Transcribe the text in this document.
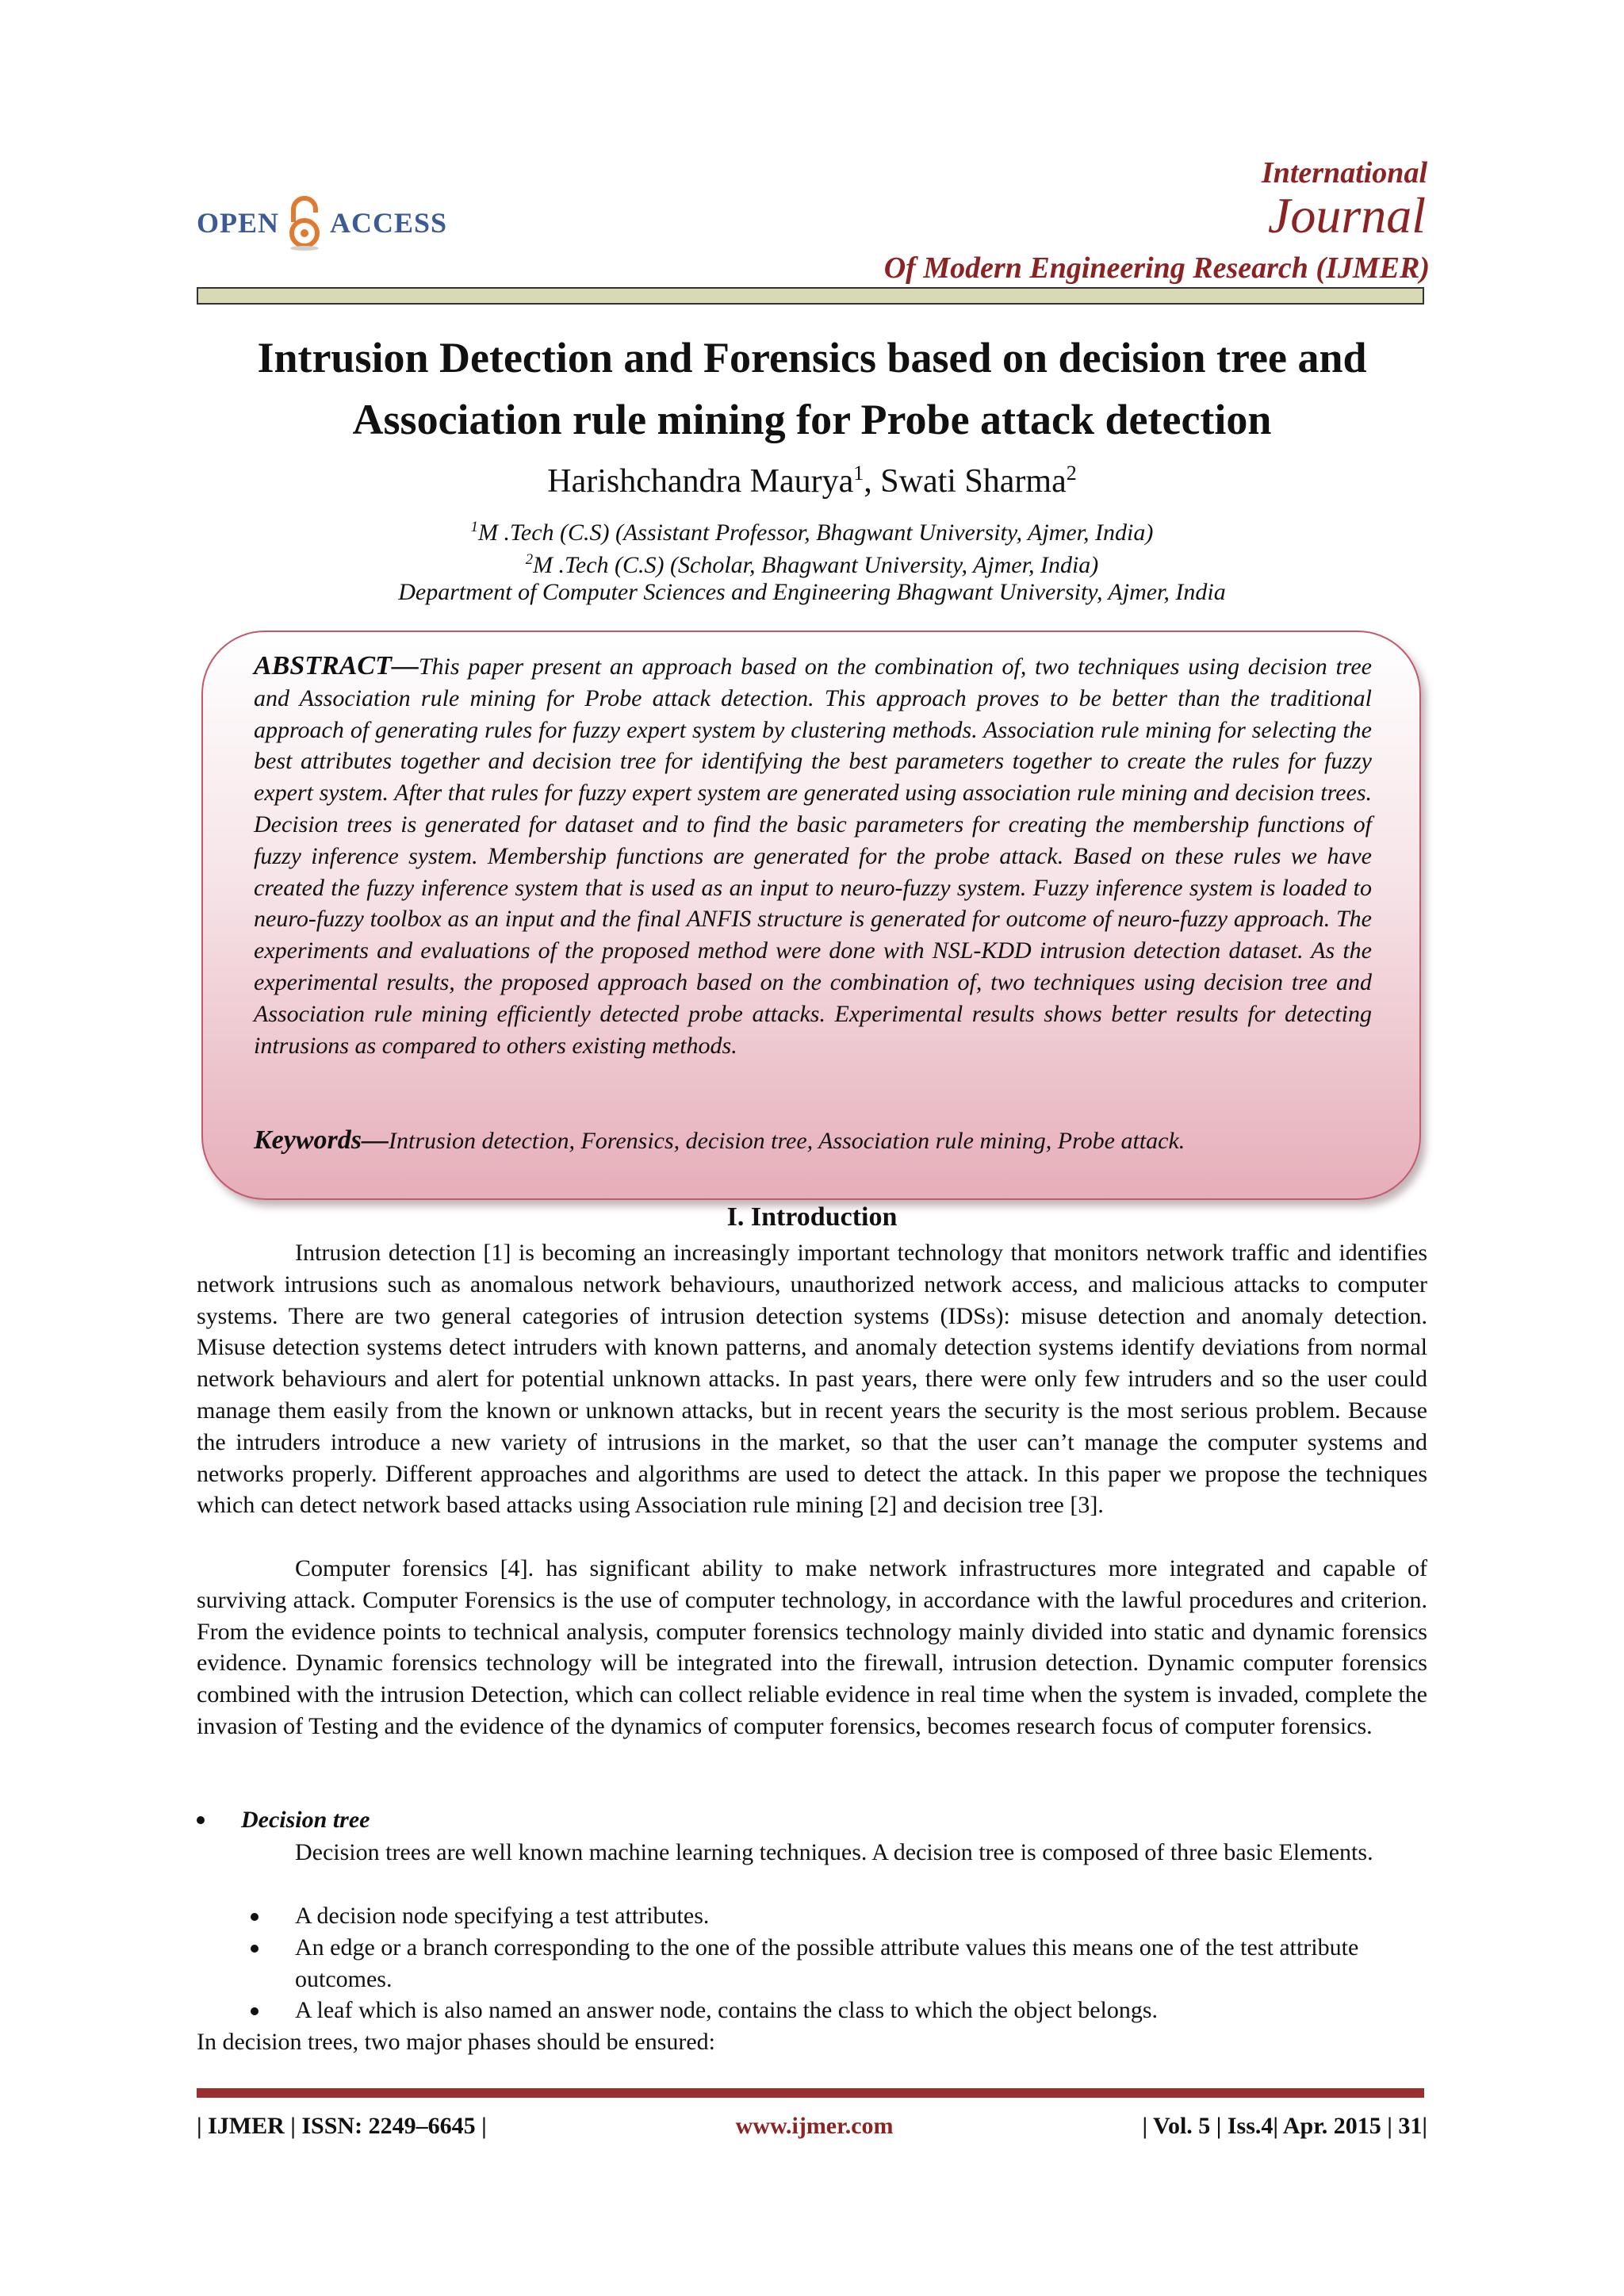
OPEN ACCESS
International
Journal
Of Modern Engineering Research (IJMER)
Intrusion Detection and Forensics based on decision tree and
Association rule mining for Probe attack detection
Harishchandra Maurya$^1$, Swati Sharma$^2$
$^1$M .Tech (C.S) (Assistant Professor, Bhagwant University, Ajmer, India)
$^2$M .Tech (C.S) (Scholar, Bhagwant University, Ajmer, India)
Department of Computer Sciences and Engineering Bhagwant University, Ajmer, India
ABSTRACT—This paper present an approach based on the combination of, two techniques using decision tree and Association rule mining for Probe attack detection. This approach proves to be better than the traditional approach of generating rules for fuzzy expert system by clustering methods. Association rule mining for selecting the best attributes together and decision tree for identifying the best parameters together to create the rules for fuzzy expert system. After that rules for fuzzy expert system are generated using association rule mining and decision trees. Decision trees is generated for dataset and to find the basic parameters for creating the membership functions of fuzzy inference system. Membership functions are generated for the probe attack. Based on these rules we have created the fuzzy inference system that is used as an input to neuro-fuzzy system. Fuzzy inference system is loaded to neuro-fuzzy toolbox as an input and the final ANFIS structure is generated for outcome of neuro-fuzzy approach. The experiments and evaluations of the proposed method were done with NSL-KDD intrusion detection dataset. As the experimental results, the proposed approach based on the combination of, two techniques using decision tree and Association rule mining efficiently detected probe attacks. Experimental results shows better results for detecting intrusions as compared to others existing methods.
Keywords—Intrusion detection, Forensics, decision tree, Association rule mining, Probe attack.
I. Introduction
Intrusion detection [1] is becoming an increasingly important technology that monitors network traffic and identifies network intrusions such as anomalous network behaviours, unauthorized network access, and malicious attacks to computer systems. There are two general categories of intrusion detection systems (IDSs): misuse detection and anomaly detection. Misuse detection systems detect intruders with known patterns, and anomaly detection systems identify deviations from normal network behaviours and alert for potential unknown attacks. In past years, there were only few intruders and so the user could manage them easily from the known or unknown attacks, but in recent years the security is the most serious problem. Because the intruders introduce a new variety of intrusions in the market, so that the user can’t manage the computer systems and networks properly. Different approaches and algorithms are used to detect the attack. In this paper we propose the techniques which can detect network based attacks using Association rule mining [2] and decision tree [3].
Computer forensics [4]. has significant ability to make network infrastructures more integrated and capable of surviving attack. Computer Forensics is the use of computer technology, in accordance with the lawful procedures and criterion. From the evidence points to technical analysis, computer forensics technology mainly divided into static and dynamic forensics evidence. Dynamic forensics technology will be integrated into the firewall, intrusion detection. Dynamic computer forensics combined with the intrusion Detection, which can collect reliable evidence in real time when the system is invaded, complete the invasion of Testing and the evidence of the dynamics of computer forensics, becomes research focus of computer forensics.
Decision tree
Decision trees are well known machine learning techniques. A decision tree is composed of three basic Elements.
A decision node specifying a test attributes.
An edge or a branch corresponding to the one of the possible attribute values this means one of the test attribute outcomes.
A leaf which is also named an answer node, contains the class to which the object belongs.
In decision trees, two major phases should be ensured:
| IJMER | ISSN: 2249–6645 |	www.ijmer.com	| Vol. 5 | Iss.4| Apr. 2015 | 31|
